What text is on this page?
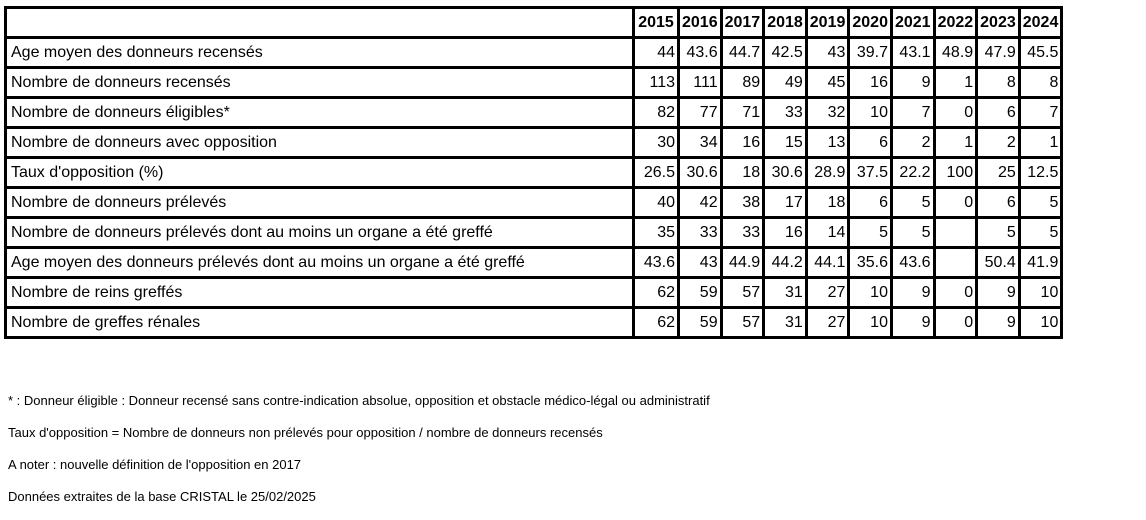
	2015	2016	2017	2018	2019	2020	2021	2022	2023	2024
Age moyen des donneurs recensés	44	43.6	44.7	42.5	43	39.7	43.1	48.9	47.9	45.5
Nombre de donneurs recensés	113	111	89	49	45	16	9	1	8	8
Nombre de donneurs éligibles*	82	77	71	33	32	10	7	0	6	7
Nombre de donneurs avec opposition	30	34	16	15	13	6	2	1	2	1
Taux d'opposition (%)	26.5	30.6	18	30.6	28.9	37.5	22.2	100	25	12.5
Nombre de donneurs prélevés	40	42	38	17	18	6	5	0	6	5
Nombre de donneurs prélevés dont au moins un organe a été greffé	35	33	33	16	14	5	5		5	5
Age moyen des donneurs prélevés dont au moins un organe a été greffé	43.6	43	44.9	44.2	44.1	35.6	43.6		50.4	41.9
Nombre de reins greffés	62	59	57	31	27	10	9	0	9	10
Nombre de greffes rénales	62	59	57	31	27	10	9	0	9	10
* : Donneur éligible : Donneur recensé sans contre-indication absolue, opposition et obstacle médico-légal ou administratif
Taux d'opposition = Nombre de donneurs non prélevés pour opposition / nombre de donneurs recensés
A noter : nouvelle définition de l'opposition en 2017
Données extraites de la base CRISTAL le 25/02/2025
